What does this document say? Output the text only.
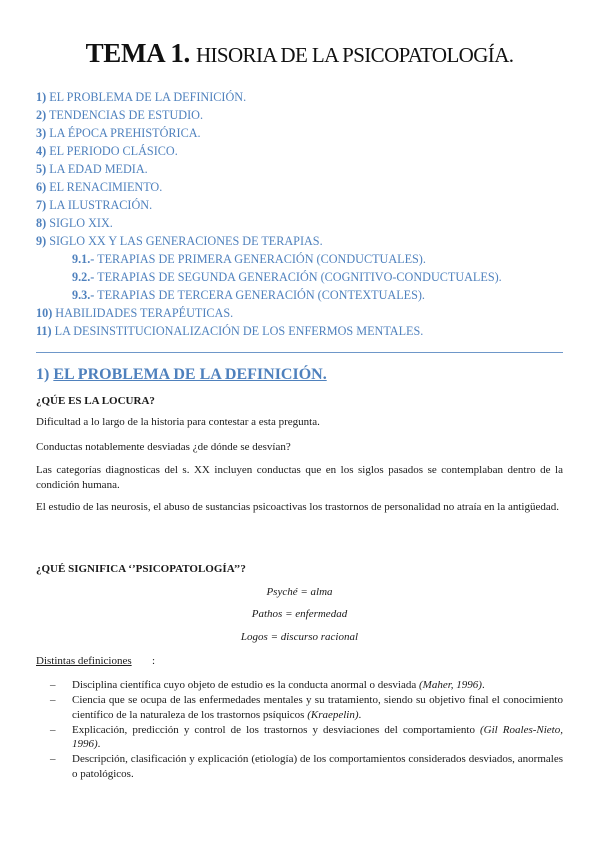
TEMA 1. HISORIA DE LA PSICOPATOLOGÍA.
1) EL PROBLEMA DE LA DEFINICIÓN.
2) TENDENCIAS DE ESTUDIO.
3) LA ÉPOCA PREHISTÓRICA.
4) EL PERIODO CLÁSICO.
5) LA EDAD MEDIA.
6) EL RENACIMIENTO.
7) LA ILUSTRACIÓN.
8) SIGLO XIX.
9) SIGLO XX Y LAS GENERACIONES DE TERAPIAS.
9.1.- TERAPIAS DE PRIMERA GENERACIÓN (CONDUCTUALES).
9.2.- TERAPIAS DE SEGUNDA GENERACIÓN (COGNITIVO-CONDUCTUALES).
9.3.- TERAPIAS DE TERCERA GENERACIÓN (CONTEXTUALES).
10) HABILIDADES TERAPÉUTICAS.
11) LA DESINSTITUCIONALIZACIÓN DE LOS ENFERMOS MENTALES.
1) EL PROBLEMA DE LA DEFINICIÓN.
¿QÚE ES LA LOCURA?
Dificultad a lo largo de la historia para contestar a esta pregunta.
Conductas notablemente desviadas ¿de dónde se desvían?
Las categorías diagnosticas del s. XX incluyen conductas que en los siglos pasados se contemplaban dentro de la condición humana.
El estudio de las neurosis, el abuso de sustancias psicoactivas los trastornos de personalidad no atraía en la antigüedad.
¿QUÉ SIGNIFICA ‘’PSICOPATOLOGÍA’’?
Psyché = alma
Pathos = enfermedad
Logos = discurso racional
Distintas definiciones :
– Disciplina científica cuyo objeto de estudio es la conducta anormal o desviada (Maher, 1996).
– Ciencia que se ocupa de las enfermedades mentales y su tratamiento, siendo su objetivo final el conocimiento científico de la naturaleza de los trastornos psíquicos (Kraepelin).
– Explicación, predicción y control de los trastornos y desviaciones del comportamiento (Gil Roales-Nieto, 1996).
– Descripción, clasificación y explicación (etiología) de los comportamientos considerados desviados, anormales o patológicos.
